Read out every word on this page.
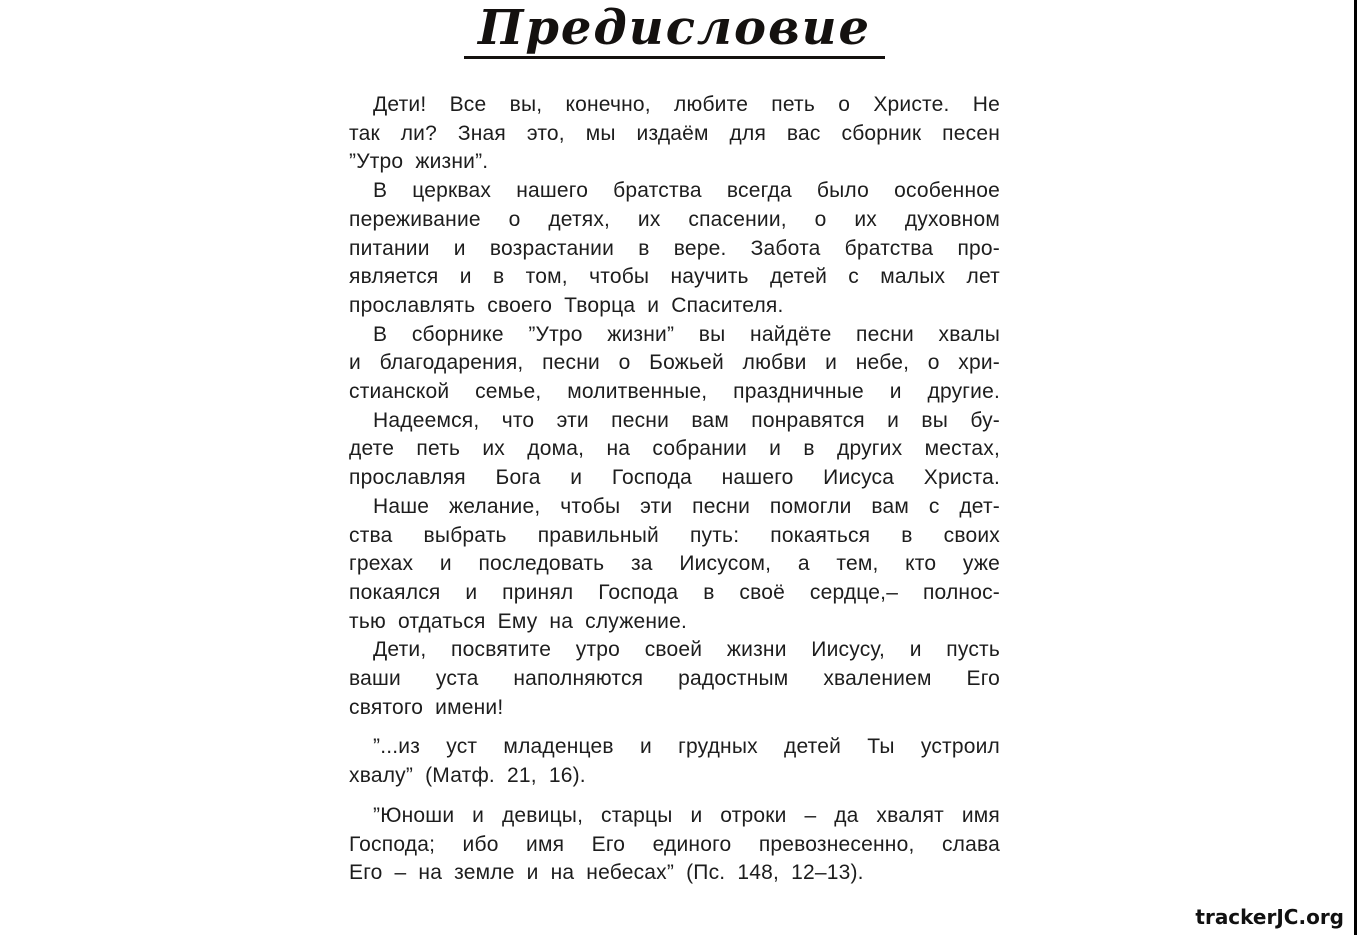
Предисловие
Дети! Все вы, конечно, любите петь о Христе. Не
так ли? Зная это, мы издаём для вас сборник песен
”Утро жизни”.
В церквах нашего братства всегда было особенное
переживание о детях, их спасении, о их духовном
питании и возрастании в вере. Забота братства про-
является и в том, чтобы научить детей с малых лет
прославлять своего Творца и Спасителя.
В сборнике ”Утро жизни” вы найдёте песни хвалы
и благодарения, песни о Божьей любви и небе, о хри-
стианской семье, молитвенные, праздничные и другие.
Надеемся, что эти песни вам понравятся и вы бу-
дете петь их дома, на собрании и в других местах,
прославляя Бога и Господа нашего Иисуса Христа.
Наше желание, чтобы эти песни помогли вам с дет-
ства выбрать правильный путь: покаяться в своих
грехах и последовать за Иисусом, а тем, кто уже
покаялся и принял Господа в своё сердце,– полнос-
тью отдаться Ему на служение.
Дети, посвятите утро своей жизни Иисусу, и пусть
ваши уста наполняются радостным хвалением Его
святого имени!
”...из уст младенцев и грудных детей Ты устроил
хвалу” (Матф. 21, 16).
”Юноши и девицы, старцы и отроки – да хвалят имя
Господа; ибо имя Его единого превознесенно, слава
Его – на земле и на небесах” (Пс. 148, 12–13).
trackerJC.org
